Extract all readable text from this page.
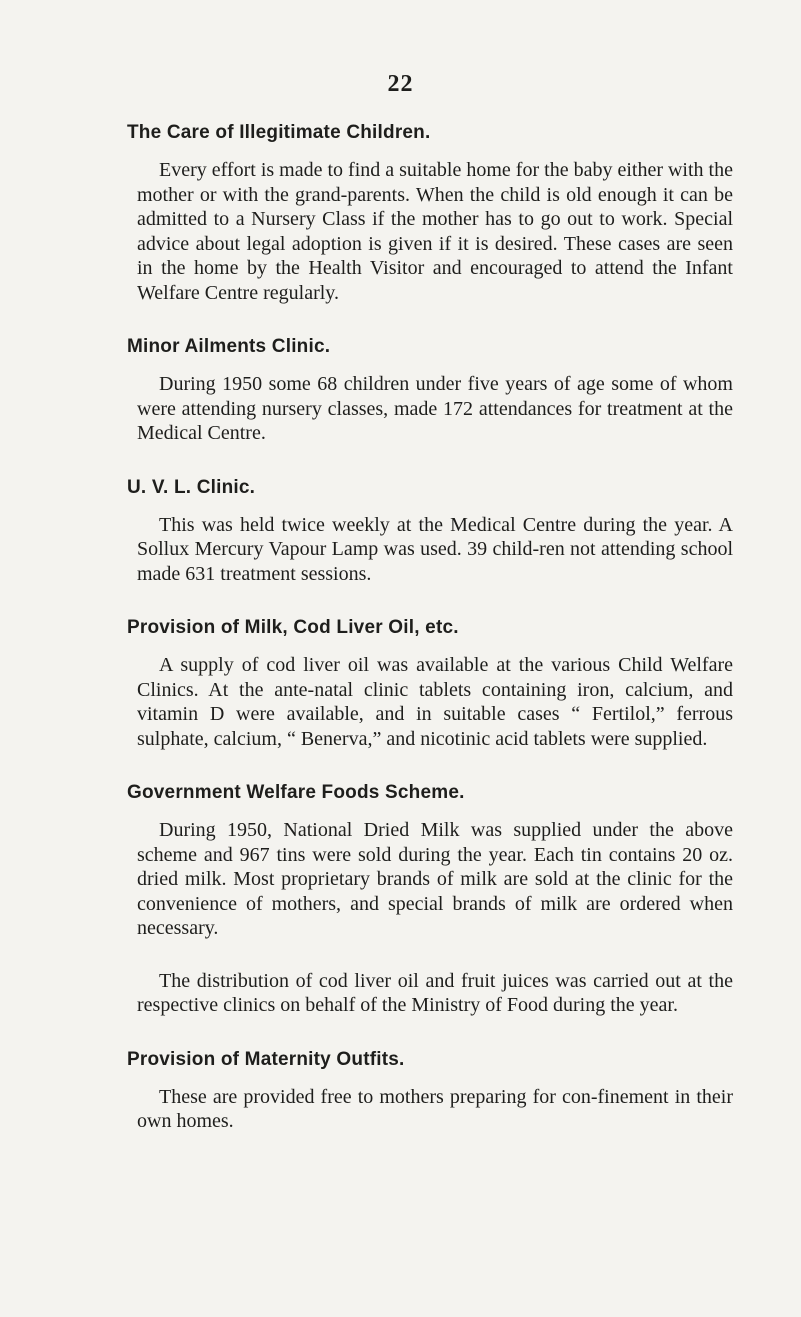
22
The Care of Illegitimate Children.

Every effort is made to find a suitable home for the baby either with the mother or with the grand-parents. When the child is old enough it can be admitted to a Nursery Class if the mother has to go out to work. Special advice about legal adoption is given if it is desired. These cases are seen in the home by the Health Visitor and encouraged to attend the Infant Welfare Centre regularly.

Minor Ailments Clinic.

During 1950 some 68 children under five years of age some of whom were attending nursery classes, made 172 attendances for treatment at the Medical Centre.

U. V. L. Clinic.

This was held twice weekly at the Medical Centre during the year. A Sollux Mercury Vapour Lamp was used. 39 child-ren not attending school made 631 treatment sessions.

Provision of Milk, Cod Liver Oil, etc.

A supply of cod liver oil was available at the various Child Welfare Clinics. At the ante-natal clinic tablets containing iron, calcium, and vitamin D were available, and in suitable cases “ Fertilol,” ferrous sulphate, calcium, “ Benerva,” and nicotinic acid tablets were supplied.

Government Welfare Foods Scheme.

During 1950, National Dried Milk was supplied under the above scheme and 967 tins were sold during the year. Each tin contains 20 oz. dried milk. Most proprietary brands of milk are sold at the clinic for the convenience of mothers, and special brands of milk are ordered when necessary.

The distribution of cod liver oil and fruit juices was carried out at the respective clinics on behalf of the Ministry of Food during the year.

Provision of Maternity Outfits.

These are provided free to mothers preparing for con-finement in their own homes.
